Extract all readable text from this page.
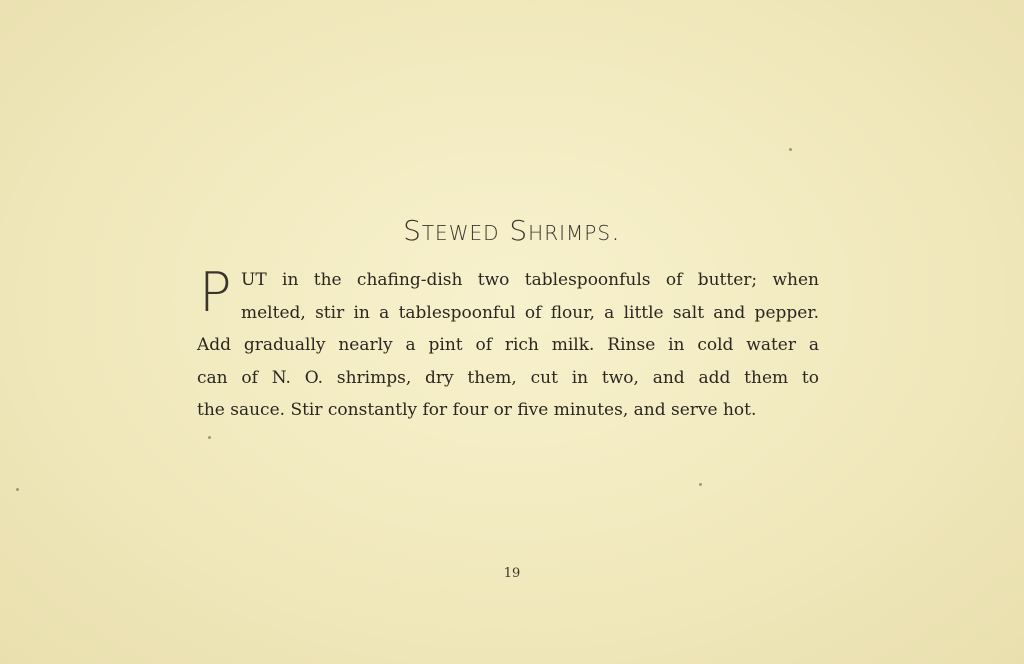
Stewed Shrimps.
P UT in the chafing-dish two tablespoonfuls of butter; when
melted, stir in a tablespoonful of flour, a little salt and pepper.
Add gradually nearly a pint of rich milk. Rinse in cold water a
can of N. O. shrimps, dry them, cut in two, and add them to
the sauce. Stir constantly for four or five minutes, and serve hot.
19
